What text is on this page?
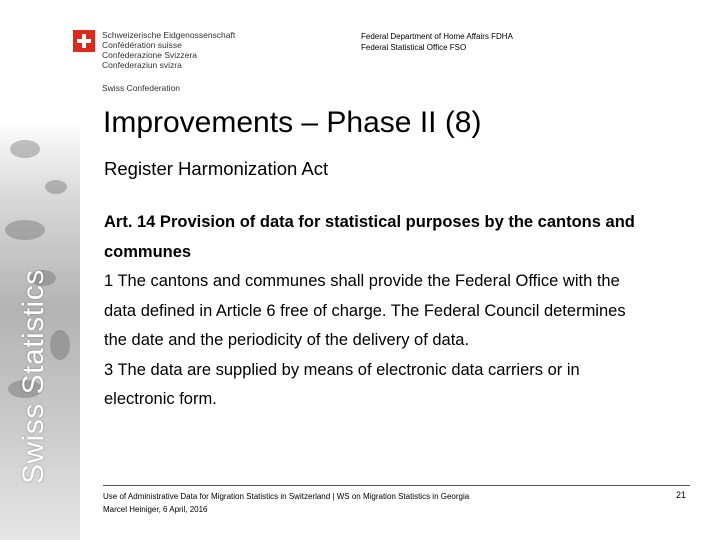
Swiss Statistics
Schweizerische Eidgenossenschaft
Confédération suisse
Confederazione Svizzera
Confederaziun svizra
Swiss Confederation
Federal Department of Home Affairs FDHA
Federal Statistical Office FSO
Improvements – Phase II (8)
Register Harmonization Act

Art. 14 Provision of data for statistical purposes by the cantons and

communes

1 The cantons and communes shall provide the Federal Office with the

data defined in Article 6 free of charge. The Federal Council determines

the date and the periodicity of the delivery of data.

3 The data are supplied by means of electronic data carriers or in

electronic form.

Use of Administrative Data for Migration Statistics in Switzerland | WS on Migration Statistics in Georgia
Marcel Heiniger, 6 April, 2016
21
